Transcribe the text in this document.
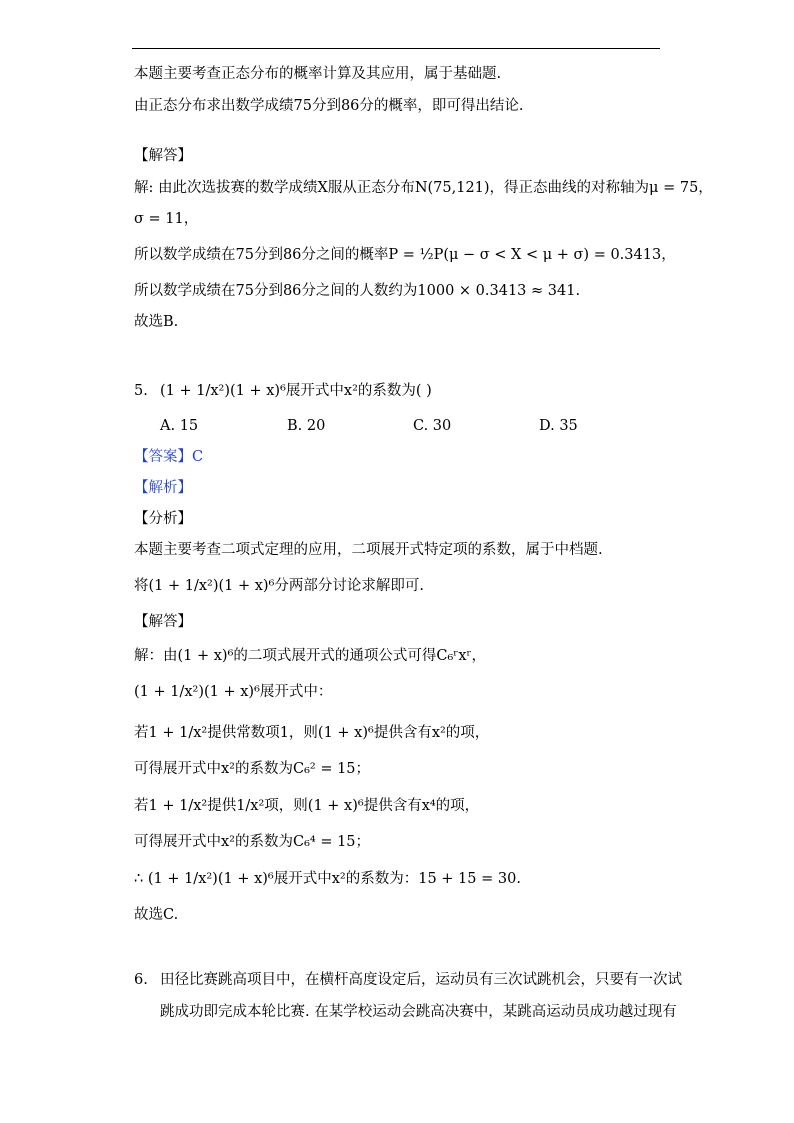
本题主要考查正态分布的概率计算及其应用，属于基础题.
由正态分布求出数学成绩75分到86分的概率，即可得出结论.
【解答】
解: 由此次选拔赛的数学成绩X服从正态分布N(75,121)，得正态曲线的对称轴为μ = 75，
σ = 11，
所以数学成绩在75分到86分之间的概率P = ½P(μ − σ < X < μ + σ) = 0.3413，
所以数学成绩在75分到86分之间的人数约为1000 × 0.3413 ≈ 341.
故选B.
5. (1 + 1/x²)(1 + x)⁶展开式中x²的系数为( )
A. 15	B. 20	C. 30	D. 35
【答案】C
【解析】
【分析】
本题主要考查二项式定理的应用，二项展开式特定项的系数，属于中档题.
将(1 + 1/x²)(1 + x)⁶分两部分讨论求解即可.
【解答】
解：由(1 + x)⁶的二项式展开式的通项公式可得C₆ʳxʳ，
(1 + 1/x²)(1 + x)⁶展开式中：
若1 + 1/x²提供常数项1，则(1 + x)⁶提供含有x²的项，
可得展开式中x²的系数为C₆² = 15；
若1 + 1/x²提供1/x²项，则(1 + x)⁶提供含有x⁴的项，
可得展开式中x²的系数为C₆⁴ = 15；
∴ (1 + 1/x²)(1 + x)⁶展开式中x²的系数为：15 + 15 = 30.
故选C.
6. 田径比赛跳高项目中，在横杆高度设定后，运动员有三次试跳机会，只要有一次试
跳成功即完成本轮比赛. 在某学校运动会跳高决赛中，某跳高运动员成功越过现有
